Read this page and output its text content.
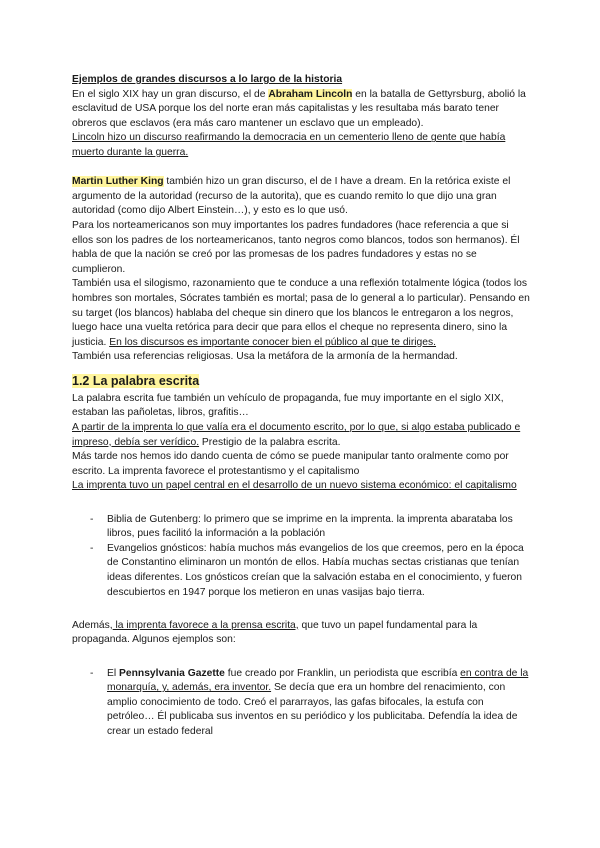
Ejemplos de grandes discursos a lo largo de la historia

En el siglo XIX hay un gran discurso, el de Abraham Lincoln en la batalla de Gettyrsburg, abolió la esclavitud de USA porque los del norte eran más capitalistas y les resultaba más barato tener obreros que esclavos (era más caro mantener un esclavo que un empleado).

Lincoln hizo un discurso reafirmando la democracia en un cementerio lleno de gente que había muerto durante la guerra.

Martin Luther King también hizo un gran discurso, el de I have a dream. En la retórica existe el argumento de la autoridad (recurso de la autorita), que es cuando remito lo que dijo una gran autoridad (como dijo Albert Einstein…), y esto es lo que usó.

Para los norteamericanos son muy importantes los padres fundadores (hace referencia a que si ellos son los padres de los norteamericanos, tanto negros como blancos, todos son hermanos). Él habla de que la nación se creó por las promesas de los padres fundadores y estas no se cumplieron.

También usa el silogismo, razonamiento que te conduce a una reflexión totalmente lógica (todos los hombres son mortales, Sócrates también es mortal; pasa de lo general a lo particular). Pensando en su target (los blancos) hablaba del cheque sin dinero que los blancos le entregaron a los negros, luego hace una vuelta retórica para decir que para ellos el cheque no representa dinero, sino la justicia. En los discursos es importante conocer bien el público al que te diriges.

También usa referencias religiosas. Usa la metáfora de la armonía de la hermandad.

1.2 La palabra escrita

La palabra escrita fue también un vehículo de propaganda, fue muy importante en el siglo XIX, estaban las pañoletas, libros, grafitis…

A partir de la imprenta lo que valía era el documento escrito, por lo que, si algo estaba publicado e impreso, debía ser verídico. Prestigio de la palabra escrita.

Más tarde nos hemos ido dando cuenta de cómo se puede manipular tanto oralmente como por escrito. La imprenta favorece el protestantismo y el capitalismo

La imprenta tuvo un papel central en el desarrollo de un nuevo sistema económico: el capitalismo

- Biblia de Gutenberg: lo primero que se imprime en la imprenta. la imprenta abarataba los libros, pues facilitó la información a la población
- Evangelios gnósticos: había muchos más evangelios de los que creemos, pero en la época de Constantino eliminaron un montón de ellos. Había muchas sectas cristianas que tenían ideas diferentes. Los gnósticos creían que la salvación estaba en el conocimiento, y fueron descubiertos en 1947 porque los metieron en unas vasijas bajo tierra.

Además, la imprenta favorece a la prensa escrita, que tuvo un papel fundamental para la propaganda. Algunos ejemplos son:

- El Pennsylvania Gazette fue creado por Franklin, un periodista que escribía en contra de la monarquía, y, además, era inventor. Se decía que era un hombre del renacimiento, con amplio conocimiento de todo. Creó el pararrayos, las gafas bifocales, la estufa con petróleo… Él publicaba sus inventos en su periódico y los publicitaba. Defendía la idea de crear un estado federal
